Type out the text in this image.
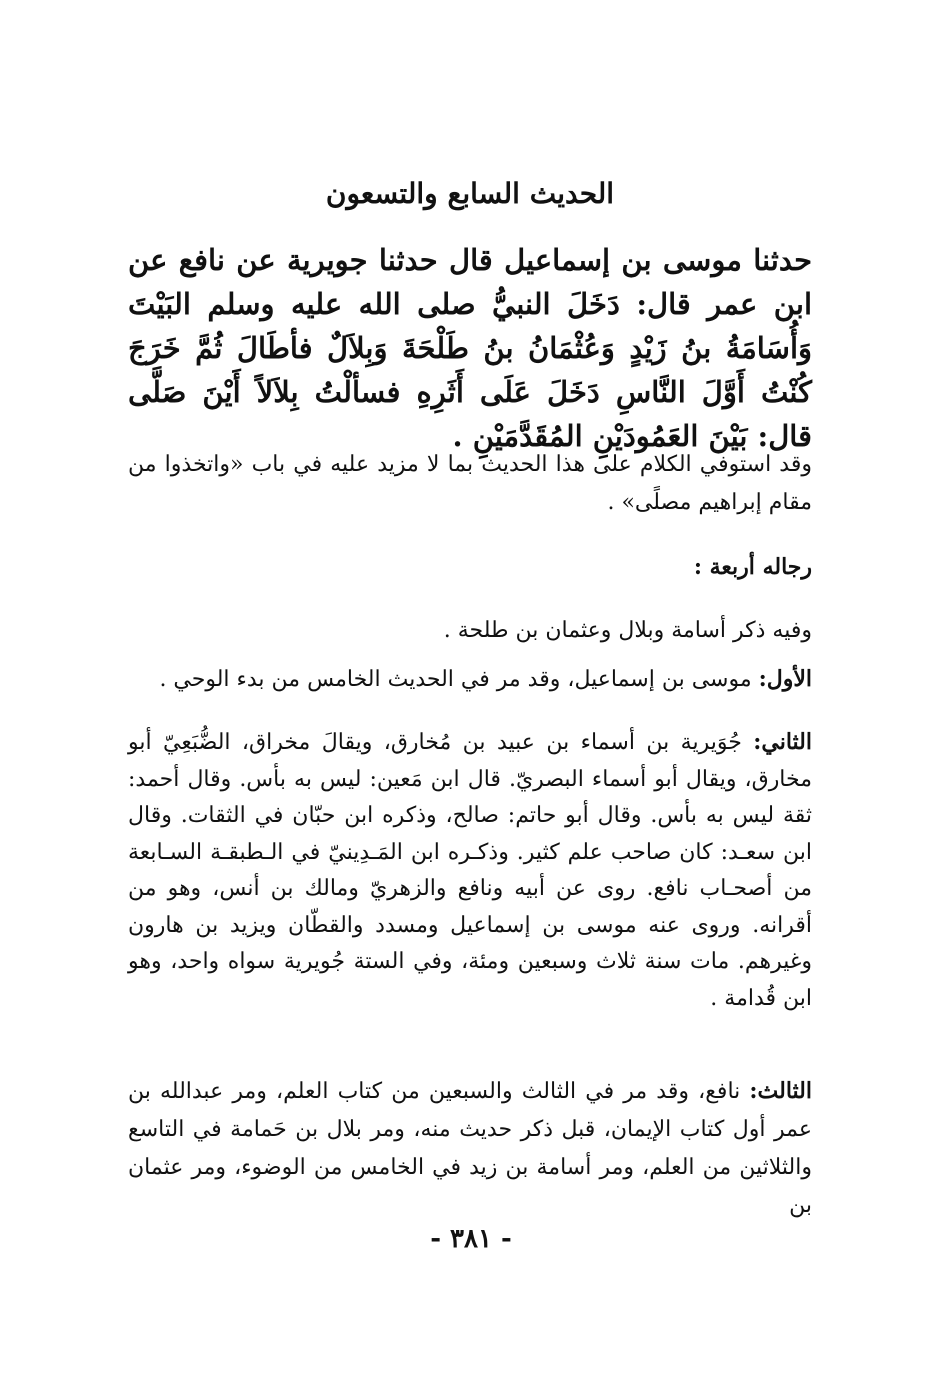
الحديث السابع والتسعون
حدثنا موسى بن إسماعيل قال حدثنا جويرية عن نافع عن ابن عمر قال: دَخَلَ النبيُّ صلى الله عليه وسلم البَيْتَ وَأُسَامَةُ بنُ زَيْدٍ وَعُثْمَانُ بنُ طَلْحَةَ وَبِلاَلٌ فأطَالَ ثُمَّ خَرَجَ كُنْتُ أَوَّلَ النَّاسِ دَخَلَ عَلَى أَثَرِهِ فسألْتُ بِلاَلاً أَيْنَ صَلَّى قال: بَيْنَ العَمُودَيْنِ المُقَدَّمَيْنِ .
وقد استوفي الكلام على هذا الحديث بما لا مزيد عليه في باب «واتخذوا من مقام إبراهيم مصلًى» .
رجاله أربعة :
وفيه ذكر أسامة وبلال وعثمان بن طلحة .
الأول: موسى بن إسماعيل، وقد مر في الحديث الخامس من بدء الوحي .
الثاني: جُوَيرية بن أسماء بن عبيد بن مُخارق، ويقالَ مخراق، الضُّبَعِيّ أبو مخارق، ويقال أبو أسماء البصريّ. قال ابن مَعين: ليس به بأس. وقال أحمد: ثقة ليس به بأس. وقال أبو حاتم: صالح، وذكره ابن حبّان في الثقات. وقال ابن سعـد: كان صاحب علم كثير. وذكـره ابن المَـدِينيّ في الـطبقـة السـابعة من أصحـاب نافع. روى عن أبيه ونافع والزهريّ ومالك بن أنس، وهو من أقرانه. وروى عنه موسى بن إسماعيل ومسدد والقطّان ويزيد بن هارون وغيرهم. مات سنة ثلاث وسبعين ومئة، وفي الستة جُويرية سواه واحد، وهو ابن قُدامة .
الثالث: نافع، وقد مر في الثالث والسبعين من كتاب العلم، ومر عبدالله بن عمر أول كتاب الإيمان، قبل ذكر حديث منه، ومر بلال بن حَمامة في التاسع والثلاثين من العلم، ومر أسامة بن زيد في الخامس من الوضوء، ومر عثمان بن
- ٣٨١ -
